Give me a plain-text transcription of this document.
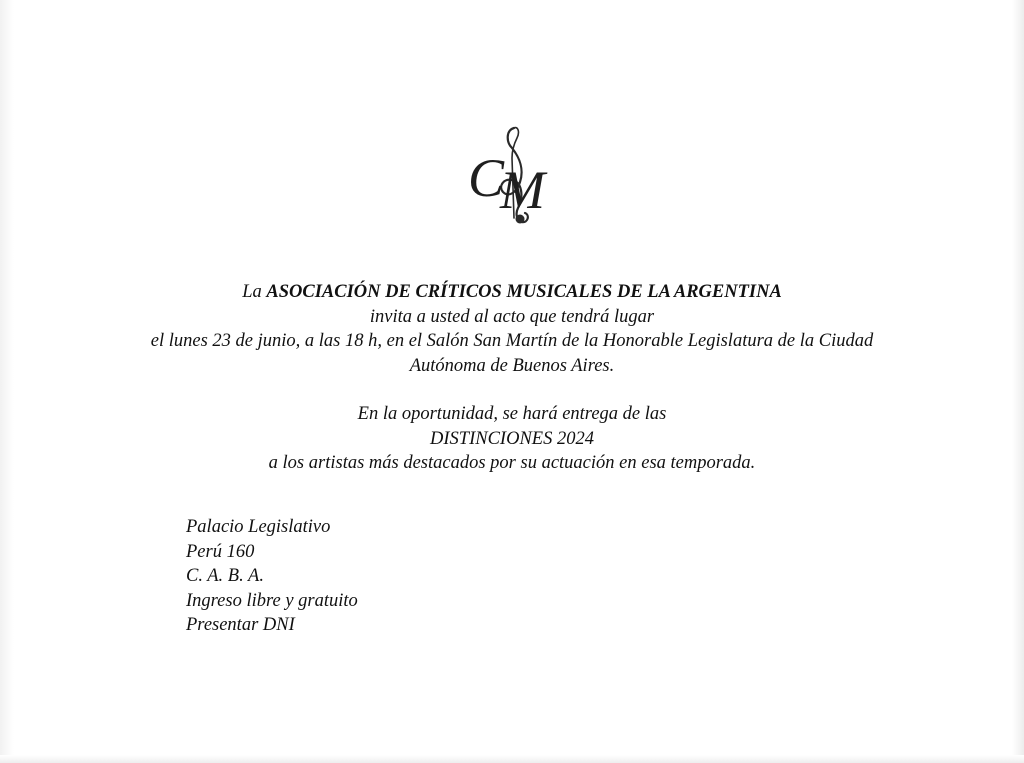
C
M

La ASOCIACIÓN DE CRÍTICOS MUSICALES DE LA ARGENTINA

invita a usted al acto que tendrá lugar

el lunes 23 de junio, a las 18 h, en el Salón San Martín de la Honorable Legislatura de la Ciudad

Autónoma de Buenos Aires.

En la oportunidad, se hará entrega de las

DISTINCIONES 2024

a los artistas más destacados por su actuación en esa temporada.

Palacio Legislativo
Perú 160
C. A. B. A.
Ingreso libre y gratuito
Presentar DNI
